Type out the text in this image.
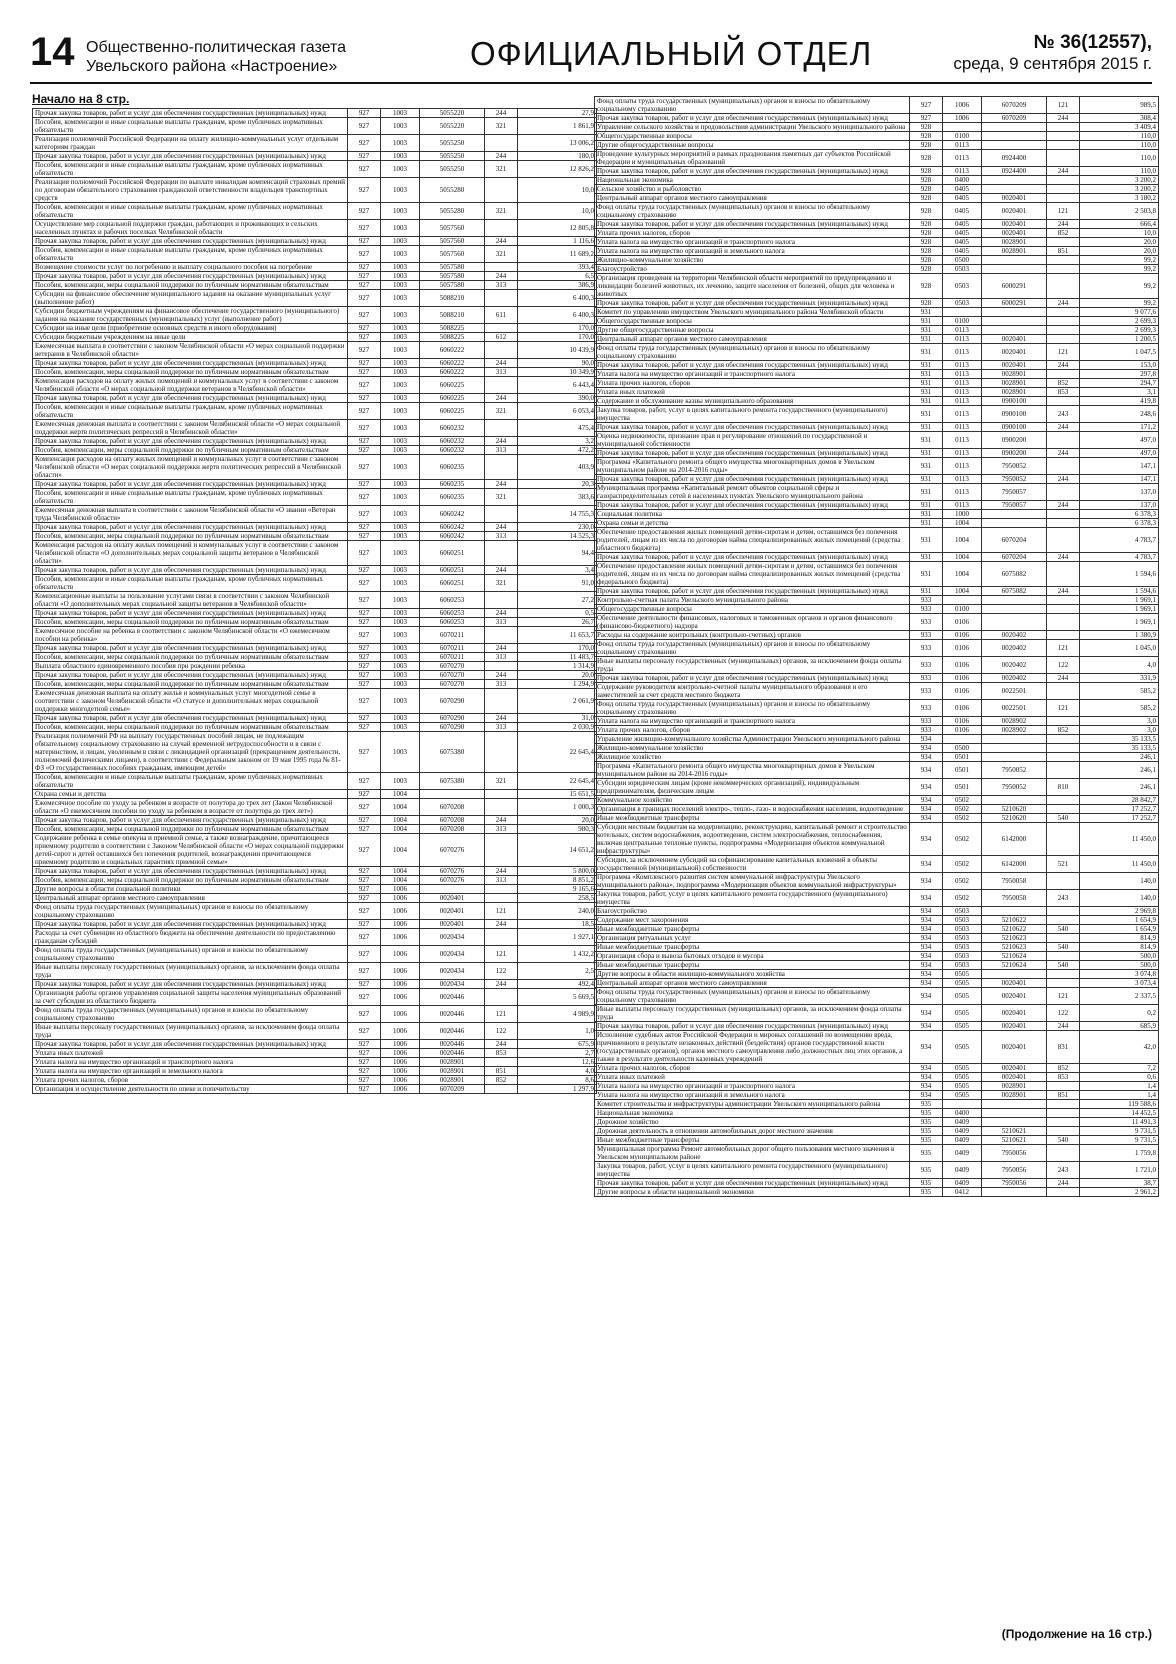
14 Общественно-политическая газета
Увельского района «Настроение»	ОФИЦИАЛЬНЫЙ ОТДЕЛ	№ 36(12557),
среда, 9 сентября 2015 г.
Начало на 8 стр.
Прочая закупка товаров, работ и услуг для обеспечения государственных (муниципальных) нужд	927	1003	5055220	244	27,9
Пособия, компенсации и иные социальные выплаты гражданам, кроме публичных нормативных обязательств	927	1003	5055220	321	1 861,9
Реализация полномочий Российской Федерации на оплату жилищно-коммунальных услуг отдельным категориям граждан	927	1003	5055250		13 006,2
Прочая закупка товаров, работ и услуг для обеспечения государственных (муниципальных) нужд	927	1003	5055250	244	180,0
Пособия, компенсации и иные социальные выплаты гражданам, кроме публичных нормативных обязательств	927	1003	5055250	321	12 826,2
Реализация полномочий Российской Федерации по выплате инвалидам компенсаций страховых премий по договорам обязательного страхования гражданской ответственности владельцев транспортных средств	927	1003	5055280		10,0
Пособия, компенсации и иные социальные выплаты гражданам, кроме публичных нормативных обязательств	927	1003	5055280	321	10,0
Осуществление мер социальной поддержки граждан, работающих и проживающих в сельских населенных пунктах и рабочих поселках Челябинской области	927	1003	5057560		12 805,8
Прочая закупка товаров, работ и услуг для обеспечения государственных (муниципальных) нужд	927	1003	5057560	244	1 116,6
Пособия, компенсации и иные социальные выплаты гражданам, кроме публичных нормативных обязательств	927	1003	5057560	321	11 689,2
Возмещение стоимости услуг по погребению и выплату социального пособия на погребение	927	1003	5057580		393,4
Прочая закупка товаров, работ и услуг для обеспечения государственных (муниципальных) нужд	927	1003	5057580	244	6,5
Пособия, компенсации, меры социальной поддержки по публичным нормативным обязательствам	927	1003	5057580	313	386,9
Субсидии на финансовое обеспечение муниципального задания на оказание муниципальных услуг (выполнение работ)	927	1003	5088210		6 400,3
Субсидии бюджетным учреждениям на финансовое обеспечение государственного (муниципального) задания на оказание государственных (муниципальных) услуг (выполнение работ)	927	1003	5088210	611	6 400,3
Субсидии на иные цели (приобретение основных средств и иного оборудования)	927	1003	5088225		170,0
Субсидии бюджетным учреждениям на иные цели	927	1003	5088225	612	170,0
Ежемесячная выплата в соответствии с законом Челябинской области «О мерах социальной поддержки ветеранов в Челябинской области»	927	1003	6060222		10 439,9
Прочая закупка товаров, работ и услуг для обеспечения государственных (муниципальных) нужд	927	1003	6060222	244	90,0
Пособия, компенсации, меры социальной поддержки по публичным нормативным обязательствам	927	1003	6060222	313	10 349,9
Компенсация расходов на оплату жилых помещений и коммунальных услуг в соответствии с законом Челябинской области «О мерах социальной поддержки ветеранов в Челябинской области»	927	1003	6060225		6 443,4
Прочая закупка товаров, работ и услуг для обеспечения государственных (муниципальных) нужд	927	1003	6060225	244	390,0
Пособия, компенсации и иные социальные выплаты гражданам, кроме публичных нормативных обязательств	927	1003	6060225	321	6 053,4
Ежемесячная денежная выплата в соответствии с законом Челябинской области «О мерах социальной поддержки жертв политических репрессий в Челябинской области»	927	1003	6060232		475,4
Прочая закупка товаров, работ и услуг для обеспечения государственных (муниципальных) нужд	927	1003	6060232	244	3,2
Пособия, компенсации, меры социальной поддержки по публичным нормативным обязательствам	927	1003	6060232	313	472,2
Компенсация расходов на оплату жилых помещений и коммунальных услуг в соответствии с законом Челябинской области «О мерах социальной поддержки жертв политических репрессий в Челябинской области»	927	1003	6060235		403,9
Прочая закупка товаров, работ и услуг для обеспечения государственных (муниципальных) нужд	927	1003	6060235	244	20,3
Пособия, компенсации и иные социальные выплаты гражданам, кроме публичных нормативных обязательств	927	1003	6060235	321	383,6
Ежемесячная денежная выплата в соответствии с законом Челябинской области «О звании «Ветеран труда Челябинской области»	927	1003	6060242		14 755,3
Прочая закупка товаров, работ и услуг для обеспечения государственных (муниципальных) нужд	927	1003	6060242	244	230,0
Пособия, компенсации, меры социальной поддержки по публичным нормативным обязательствам	927	1003	6060242	313	14 525,3
Компенсация расходов на оплату жилых помещений и коммунальных услуг в соответствии с законом Челябинской области «О дополнительных мерах социальной защиты ветеранов в Челябинской области»	927	1003	6060251		94,4
Прочая закупка товаров, работ и услуг для обеспечения государственных (муниципальных) нужд	927	1003	6060251	244	3,4
Пособия, компенсации и иные социальные выплаты гражданам, кроме публичных нормативных обязательств	927	1003	6060251	321	91,0
Компенсационные выплаты за пользование услугами связи в соответствии с законом Челябинской области «О дополнительных мерах социальной защиты ветеранов в Челябинской области»	927	1003	6060253		27,2
Прочая закупка товаров, работ и услуг для обеспечения государственных (муниципальных) нужд	927	1003	6060253	244	0,5
Пособия, компенсации, меры социальной поддержки по публичным нормативным обязательствам	927	1003	6060253	313	26,7
Ежемесячное пособие на ребенка в соответствии с законом Челябинской области «О ежемесячном пособии на ребенка»	927	1003	6070211		11 653,7
Прочая закупка товаров, работ и услуг для обеспечения государственных (муниципальных) нужд	927	1003	6070211	244	170,0
Пособия, компенсации, меры социальной поддержки по публичным нормативным обязательствам	927	1003	6070211	313	11 483,7
Выплата областного единовременного пособия при рождении ребенка	927	1003	6070270		1 314,9
Прочая закупка товаров, работ и услуг для обеспечения государственных (муниципальных) нужд	927	1003	6070270	244	20,0
Пособия, компенсации, меры социальной поддержки по публичным нормативным обязательствам	927	1003	6070270	313	1 294,9
Ежемесячная денежная выплата на оплату жилья и коммунальных услуг многодетной семье в соответствии с законом Челябинской области «О статусе и дополнительных мерах социальной поддержки многодетной семье»	927	1003	6070290		2 061,9
Прочая закупка товаров, работ и услуг для обеспечения государственных (муниципальных) нужд	927	1003	6070290	244	31,0
Пособия, компенсации, меры социальной поддержки по публичным нормативным обязательствам	927	1003	6070290	313	2 030,9
Реализация полномочий РФ на выплату государственных пособий лицам, не подлежащим обязательному социальному страхованию на случай временной нетрудоспособности и в связи с материнством, и лицам, уволенным в связи с ликвидацией организаций (прекращением деятельности, полномочий физическими лицами), в соответствии с Федеральным законом от 19 мая 1995 года № 81-ФЗ «О государственных пособиях гражданам, имеющим детей»	927	1003	6075380		22 645,4
Пособия, компенсации и иные социальные выплаты гражданам, кроме публичных нормативных обязательств	927	1003	6075380	321	22 645,4
Охрана семьи и детства	927	1004			15 651,5
Ежемесячное пособие по уходу за ребенком в возрасте от полутора до трех лет (Закон Челябинской области «О ежемесячном пособии по уходу за ребенком в возрасте от полутора до трех лет»)	927	1004	6070208		1 000,3
Прочая закупка товаров, работ и услуг для обеспечения государственных (муниципальных) нужд	927	1004	6070208	244	20,0
Пособия, компенсации, меры социальной поддержки по публичным нормативным обязательствам	927	1004	6070208	313	980,3
Содержание ребенка в семье опекуна и приемной семье, а также вознаграждение, причитающееся приемному родителю в соответствии с Законом Челябинской области «О мерах социальной поддержки детей-сирот и детей оставшихся без попечения родителей, вознаграждении причитающемся приемному родителю и социальных гарантиях приемной семье»	927	1004	6070276		14 651,2
Прочая закупка товаров, работ и услуг для обеспечения государственных (муниципальных) нужд	927	1004	6070276	244	5 800,0
Пособия, компенсации, меры социальной поддержки по публичным нормативным обязательствам	927	1004	6070276	313	8 851,2
Другие вопросы в области социальной политики	927	1006			9 165,6
Центральный аппарат органов местного самоуправления	927	1006	0020401		258,5
Фонд оплаты труда государственных (муниципальных) органов и взносы по обязательному социальному страхованию	927	1006	0020401	121	240,0
Прочая закупка товаров, работ и услуг для обеспечения государственных (муниципальных) нужд	927	1006	0020401	244	18,5
Расходы за счет субвенции из областного бюджета на обеспечение деятельности по предоставлению гражданам субсидий	927	1006	0020434		1 927,1
Фонд оплаты труда государственных (муниципальных) органов и взносы по обязательному социальному страхованию	927	1006	0020434	121	1 432,2
Иные выплаты персоналу государственных (муниципальных) органов, за исключением фонда оплаты труда	927	1006	0020434	122	2,5
Прочая закупка товаров, работ и услуг для обеспечения государственных (муниципальных) нужд	927	1006	0020434	244	492,4
Организация работы органов управления социальной защиты населения муниципальных образований за счет субсидии из областного бюджета	927	1006	0020446		5 669,5
Фонд оплаты труда государственных (муниципальных) органов и взносы по обязательному социальному страхованию	927	1006	0020446	121	4 989,9
Иные выплаты персоналу государственных (муниципальных) органов, за исключением фонда оплаты труда	927	1006	0020446	122	1,0
Прочая закупка товаров, работ и услуг для обеспечения государственных (муниципальных) нужд	927	1006	0020446	244	675,9
Уплата иных платежей	927	1006	0020446	853	2,7
Уплата налога на имущество организаций и транспортного налога	927	1006	0028901		12,6
Уплата налога на имущество организаций и земельного налога	927	1006	0028901	851	4,0
Уплата прочих налогов, сборов	927	1006	0028901	852	8,6
Организация и осуществление деятельности по опеке и попечительству	927	1006	6070209		1 297,9
Фонд оплаты труда государственных (муниципальных) органов и взносы по обязательному социальному страхованию	927	1006	6070209	121	989,5
Прочая закупка товаров, работ и услуг для обеспечения государственных (муниципальных) нужд	927	1006	6070209	244	308,4
Управление сельского хозяйства и продовольствия администрации Увельского муниципального района	928				3 409,4
Общегосударственные вопросы	928	0100			110,0
Другие общегосударственные вопросы	928	0113			110,0
Проведение культурных мероприятий в рамках празднования памятных дат субъектов Российской Федерации и муниципальных образований	928	0113	0924400		110,0
Прочая закупка товаров, работ и услуг для обеспечения государственных (муниципальных) нужд	928	0113	0924400	244	110,0
Национальная экономика	928	0400			3 200,2
Сельское хозяйство и рыболовство	928	0405			3 200,2
Центральный аппарат органов местного самоуправления	928	0405	0020401		3 180,2
Фонд оплаты труда государственных (муниципальных) органов и взносы по обязательному социальному страхованию	928	0405	0020401	121	2 503,8
Прочая закупка товаров, работ и услуг для обеспечения государственных (муниципальных) нужд	928	0405	0020401	244	666,4
Уплата прочих налогов, сборов	928	0405	0020401	852	10,0
Уплата налога на имущество организаций и транспортного налога	928	0405	0028901		20,0
Уплата налога на имущество организаций и земельного налога	928	0405	0028901	851	20,0
Жилищно-коммунальное хозяйство	928	0500			99,2
Благоустройство	928	0503			99,2
Организация проведения на территории Челябинской области мероприятий по предупреждению и ликвидации болезней животных, их лечению, защите населения от болезней, общих для человека и животных	928	0503	6000291		99,2
Прочая закупка товаров, работ и услуг для обеспечения государственных (муниципальных) нужд	928	0503	6000291	244	99,2
Комитет по управлению имуществом Увельского муниципального района Челябинской области	931				9 077,6
Общегосударственные вопросы	931	0100			2 699,3
Другие общегосударственные вопросы	931	0113			2 699,3
Центральный аппарат органов местного самоуправления	931	0113	0020401		1 200,5
Фонд оплаты труда государственных (муниципальных) органов и взносы по обязательному социальному страхованию	931	0113	0020401	121	1 047,5
Прочая закупка товаров, работ и услуг для обеспечения государственных (муниципальных) нужд	931	0113	0020401	244	153,0
Уплата налога на имущество организаций и транспортного налога	931	0113	0028901		297,8
Уплата прочих налогов, сборов	931	0113	0028901	852	294,7
Уплата иных платежей	931	0113	0028901	853	3,1
Содержание и обслуживание казны муниципального образования	931	0113	0900100		419,8
Закупка товаров, работ, услуг в целях капитального ремонта государственного (муниципального) имущества	931	0113	0900100	243	248,6
Прочая закупка товаров, работ и услуг для обеспечения государственных (муниципальных) нужд	931	0113	0900100	244	171,2
Оценка недвижимости, признание прав и регулирование отношений по государственной и муниципальной собственности	931	0113	0900200		497,0
Прочая закупка товаров, работ и услуг для обеспечения государственных (муниципальных) нужд	931	0113	0900200	244	497,0
Программа «Капитального ремонта общего имущества многоквартирных домов в Увельском муниципальном районе на 2014-2016 годы»	931	0113	7950052		147,1
Прочая закупка товаров, работ и услуг для обеспечения государственных (муниципальных) нужд	931	0113	7950052	244	147,1
Муниципальная программа «Капитальный ремонт объектов социальной сферы и газораспределительных сетей в населенных пунктах Увельского муниципального района	931	0113	7950057		137,0
Прочая закупка товаров, работ и услуг для обеспечения государственных (муниципальных) нужд	931	0113	7950057	244	137,0
Социальная политика	931	1000			6 378,3
Охрана семьи и детства	931	1004			6 378,3
Обеспечение предоставления жилых помещений детям-сиротам и детям, оставшимся без попечения родителей, лицам из их числа по договорам найма специализированных жилых помещений (средства областного бюджета)	931	1004	6070204		4 783,7
Прочая закупка товаров, работ и услуг для обеспечения государственных (муниципальных) нужд	931	1004	6070204	244	4 783,7
Обеспечение предоставления жилых помещений детям-сиротам и детям, оставшимся без попечения родителей, лицам из их числа по договорам найма специализированных жилых помещений (средства федерального бюджета)	931	1004	6075082		1 594,6
Прочая закупка товаров, работ и услуг для обеспечения государственных (муниципальных) нужд	931	1004	6075082	244	1 594,6
Контрольно-счетная палата Увельского муниципального района	933				1 969,1
Общегосударственные вопросы	933	0100			1 969,1
Обеспечение деятельности финансовых, налоговых и таможенных органов и органов финансового (финансово-бюджетного) надзора	933	0106			1 969,1
Расходы на содержание контрольных (контрольно-счетных) органов	933	0106	0020402		1 380,9
Фонд оплаты труда государственных (муниципальных) органов и взносы по обязательному социальному страхованию	933	0106	0020402	121	1 045,0
Иные выплаты персоналу государственных (муниципальных) органов, за исключением фонда оплаты труда	933	0106	0020402	122	4,0
Прочая закупка товаров, работ и услуг для обеспечения государственных (муниципальных) нужд	933	0106	0020402	244	331,9
Содержание руководителя контрольно-счетной палаты муниципального образования и его заместителей за счет средств местного бюджета	933	0106	0022501		585,2
Фонд оплаты труда государственных (муниципальных) органов и взносы по обязательному социальному страхованию	933	0106	0022501	121	585,2
Уплата налога на имущество организаций и транспортного налога	933	0106	0028902		3,0
Уплата прочих налогов, сборов	933	0106	0028902	852	3,0
Управление жилищно-коммунального хозяйства Администрации Увельского муниципального района	934				35 133,5
Жилищно-коммунальное хозяйство	934	0500			35 133,5
Жилищное хозяйство	934	0501			246,1
Программа «Капитального ремонта общего имущества многоквартирных домов в Увельском муниципальном районе на 2014-2016 годы»	934	0501	7950052		246,1
Субсидии юридическим лицам (кроме некоммерческих организаций), индивидуальным предпринимателям, физическим лицам	934	0501	7950052	810	246,1
Коммунальное хозяйство	934	0502			28 842,7
Организация в границах поселений электро-, тепло-, газо- и водоснабжения населения, водоотведение	934	0502	5210620		17 252,7
Иные межбюджетные трансферты	934	0502	5210620	540	17 252,7
Субсидии местным бюджетам на модернизацию, реконструкцию, капитальный ремонт и строительство котельных, систем водоснабжения, водоотведения, систем электроснабжения, теплоснабжения, включая центральные тепловые пункты, подпрограмма «Модернизация объектов коммунальной инфраструктуры»	934	0502	6142000		11 450,0
Субсидии, за исключением субсидий на софинансирование капитальных вложений в объекты государственной (муниципальной) собственности	934	0502	6142000	521	11 450,0
Программа «Комплексного развития систем коммунальной инфраструктуры Увельского муниципального района», подпрограмма «Модернизация объектов коммунальной инфраструктуры»	934	0502	7950058		140,0
Закупка товаров, работ, услуг в целях капитального ремонта государственного (муниципального) имущества	934	0502	7950058	243	140,0
Благоустройство	934	0503			2 969,8
Содержание мест захоронения	934	0503	5210622		1 654,9
Иные межбюджетные трансферты	934	0503	5210622	540	1 654,9
Организация ритуальных услуг	934	0503	5210623		814,9
Иные межбюджетные трансферты	934	0503	5210623	540	814,9
Организация сбора и вывоза бытовых отходов и мусора	934	0503	5210624		500,0
Иные межбюджетные трансферты	934	0503	5210624	540	500,0
Другие вопросы в области жилищно-коммунального хозяйства	934	0505			3 074,8
Центральный аппарат органов местного самоуправления	934	0505	0020401		3 073,4
Фонд оплаты труда государственных (муниципальных) органов и взносы по обязательному социальному страхованию	934	0505	0020401	121	2 337,5
Иные выплаты персоналу государственных (муниципальных) органов, за исключением фонда оплаты труда	934	0505	0020401	122	0,2
Прочая закупка товаров, работ и услуг для обеспечения государственных (муниципальных) нужд	934	0505	0020401	244	685,9
Исполнение судебных актов Российской Федерации и мировых соглашений по возмещению вреда, причиненного в результате незаконных действий (бездействия) органов государственной власти (государственных органов), органов местного самоуправления либо должностных лиц этих органов, а также в результате деятельности казенных учреждений	934	0505	0020401	831	42,0
Уплата прочих налогов, сборов	934	0505	0020401	852	7,2
Уплата иных платежей	934	0505	0020401	853	0,6
Уплата налога на имущество организаций и транспортного налога	934	0505	0028901		1,4
Уплата налога на имущество организаций и земельного налога	934	0505	0028901	851	1,4
Комитет строительства и инфраструктуры администрации Увельского муниципального района	935				119 588,6
Национальная экономика	935	0400			14 452,5
Дорожное хозяйство	935	0409			11 491,3
Дорожная деятельность в отношении автомобильных дорог местного значения	935	0409	5210621		9 731,5
Иные межбюджетные трансферты	935	0409	5210621	540	9 731,5
Муниципальная программа Ремонт автомобильных дорог общего пользования местного значения в Увельском муниципальном районе	935	0409	7950056		1 759,8
Закупка товаров, работ, услуг в целях капитального ремонта государственного (муниципального) имущества	935	0409	7950056	243	1 721,0
Прочая закупка товаров, работ и услуг для обеспечения государственных (муниципальных) нужд	935	0409	7950056	244	38,7
Другие вопросы в области национальной экономики	935	0412			2 961,2
(Продолжение на 16 стр.)
